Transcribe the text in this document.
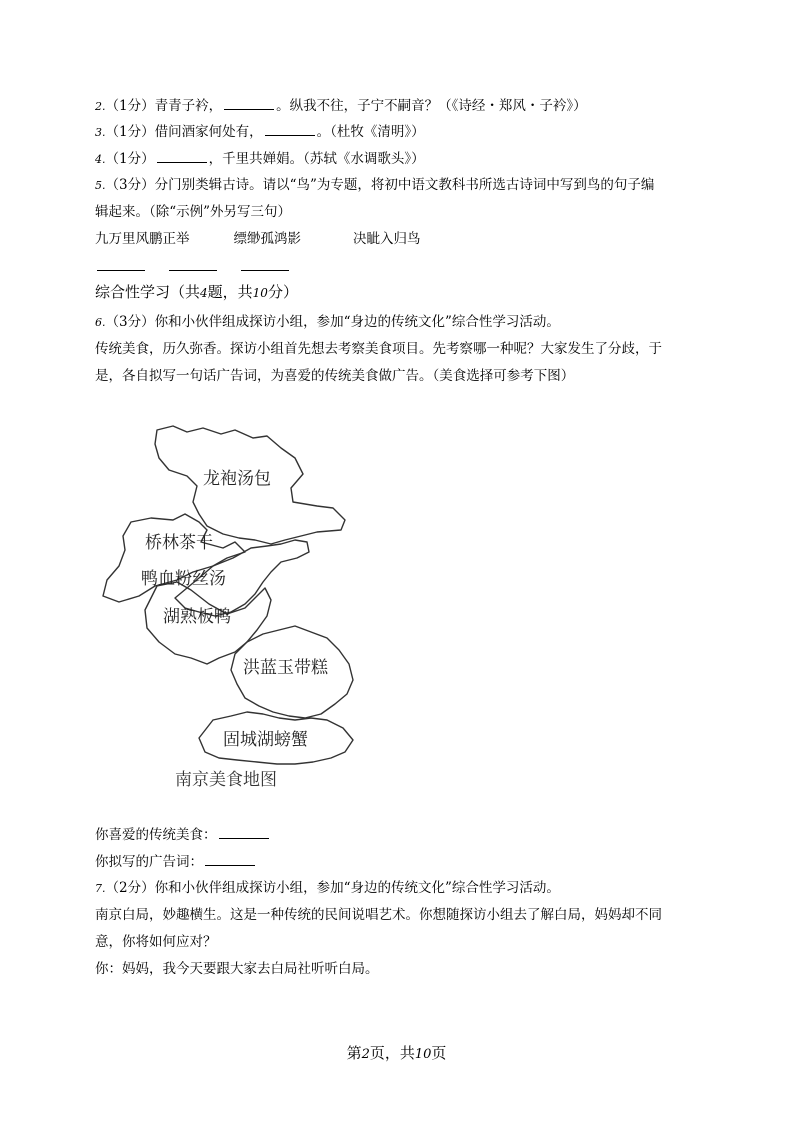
2.（1分）青青子衿，	。纵我不往，子宁不嗣音？（《诗经・郑风・子衿》）
3.（1分）借问酒家何处有，	。（杜牧《清明》）
4.（1分）	，千里共婵娟。（苏轼《水调歌头》）
5.（3分）分门别类辑古诗。请以“鸟”为专题，将初中语文教科书所选古诗词中写到鸟的句子编
辑起来。（除“示例”外另写三句）
九万里风鹏正举	缥缈孤鸿影	决眦入归鸟
综合性学习（共4题，共10分）
6.（3分）你和小伙伴组成探访小组，参加“身边的传统文化”综合性学习活动。
传统美食，历久弥香。探访小组首先想去考察美食项目。先考察哪一种呢？大家发生了分歧，于
是，各自拟写一句话广告词，为喜爱的传统美食做广告。（美食选择可参考下图）
龙袍汤包
桥林茶干
鸭血粉丝汤
湖熟板鸭
洪蓝玉带糕
固城湖螃蟹
南京美食地图
你喜爱的传统美食：
你拟写的广告词：
7.（2分）你和小伙伴组成探访小组，参加“身边的传统文化”综合性学习活动。
南京白局，妙趣横生。这是一种传统的民间说唱艺术。你想随探访小组去了解白局，妈妈却不同
意，你将如何应对？
你：妈妈，我今天要跟大家去白局社听听白局。
第2页，共10页
